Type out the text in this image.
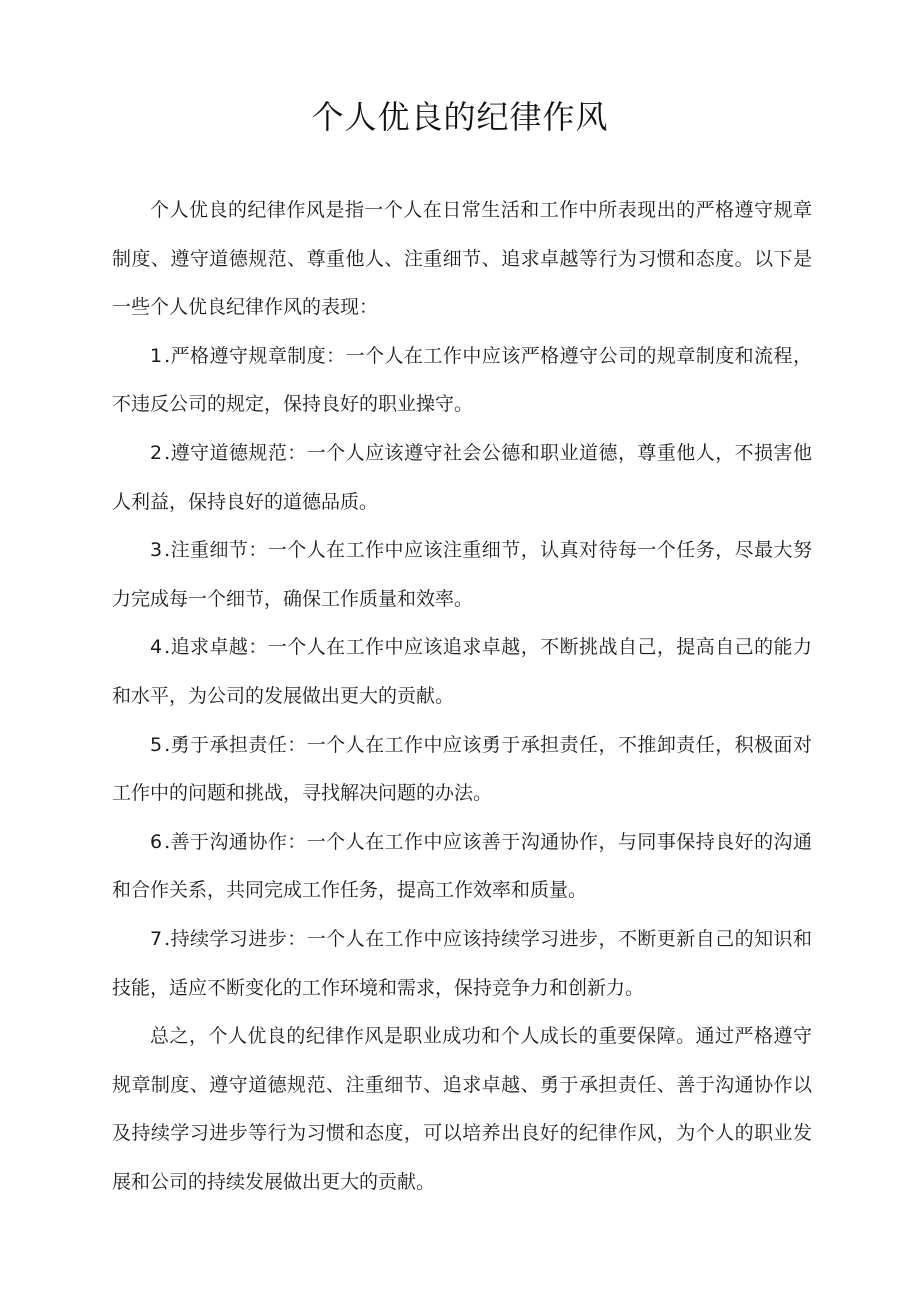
个人优良的纪律作风

个人优良的纪律作风是指一个人在日常生活和工作中所表现出的严格遵守规章制度、遵守道德规范、尊重他人、注重细节、追求卓越等行为习惯和态度。以下是一些个人优良纪律作风的表现：

1 .严格遵守规章制度：一个人在工作中应该严格遵守公司的规章制度和流程，不违反公司的规定，保持良好的职业操守。

2 .遵守道德规范：一个人应该遵守社会公德和职业道德，尊重他人，不损害他人利益，保持良好的道德品质。

3 .注重细节：一个人在工作中应该注重细节，认真对待每一个任务，尽最大努力完成每一个细节，确保工作质量和效率。

4 .追求卓越：一个人在工作中应该追求卓越，不断挑战自己，提高自己的能力和水平，为公司的发展做出更大的贡献。

5 .勇于承担责任：一个人在工作中应该勇于承担责任，不推卸责任，积极面对工作中的问题和挑战，寻找解决问题的办法。

6 .善于沟通协作：一个人在工作中应该善于沟通协作，与同事保持良好的沟通和合作关系，共同完成工作任务，提高工作效率和质量。

7 .持续学习进步：一个人在工作中应该持续学习进步，不断更新自己的知识和技能，适应不断变化的工作环境和需求，保持竞争力和创新力。

总之，个人优良的纪律作风是职业成功和个人成长的重要保障。通过严格遵守规章制度、遵守道德规范、注重细节、追求卓越、勇于承担责任、善于沟通协作以及持续学习进步等行为习惯和态度，可以培养出良好的纪律作风，为个人的职业发展和公司的持续发展做出更大的贡献。
